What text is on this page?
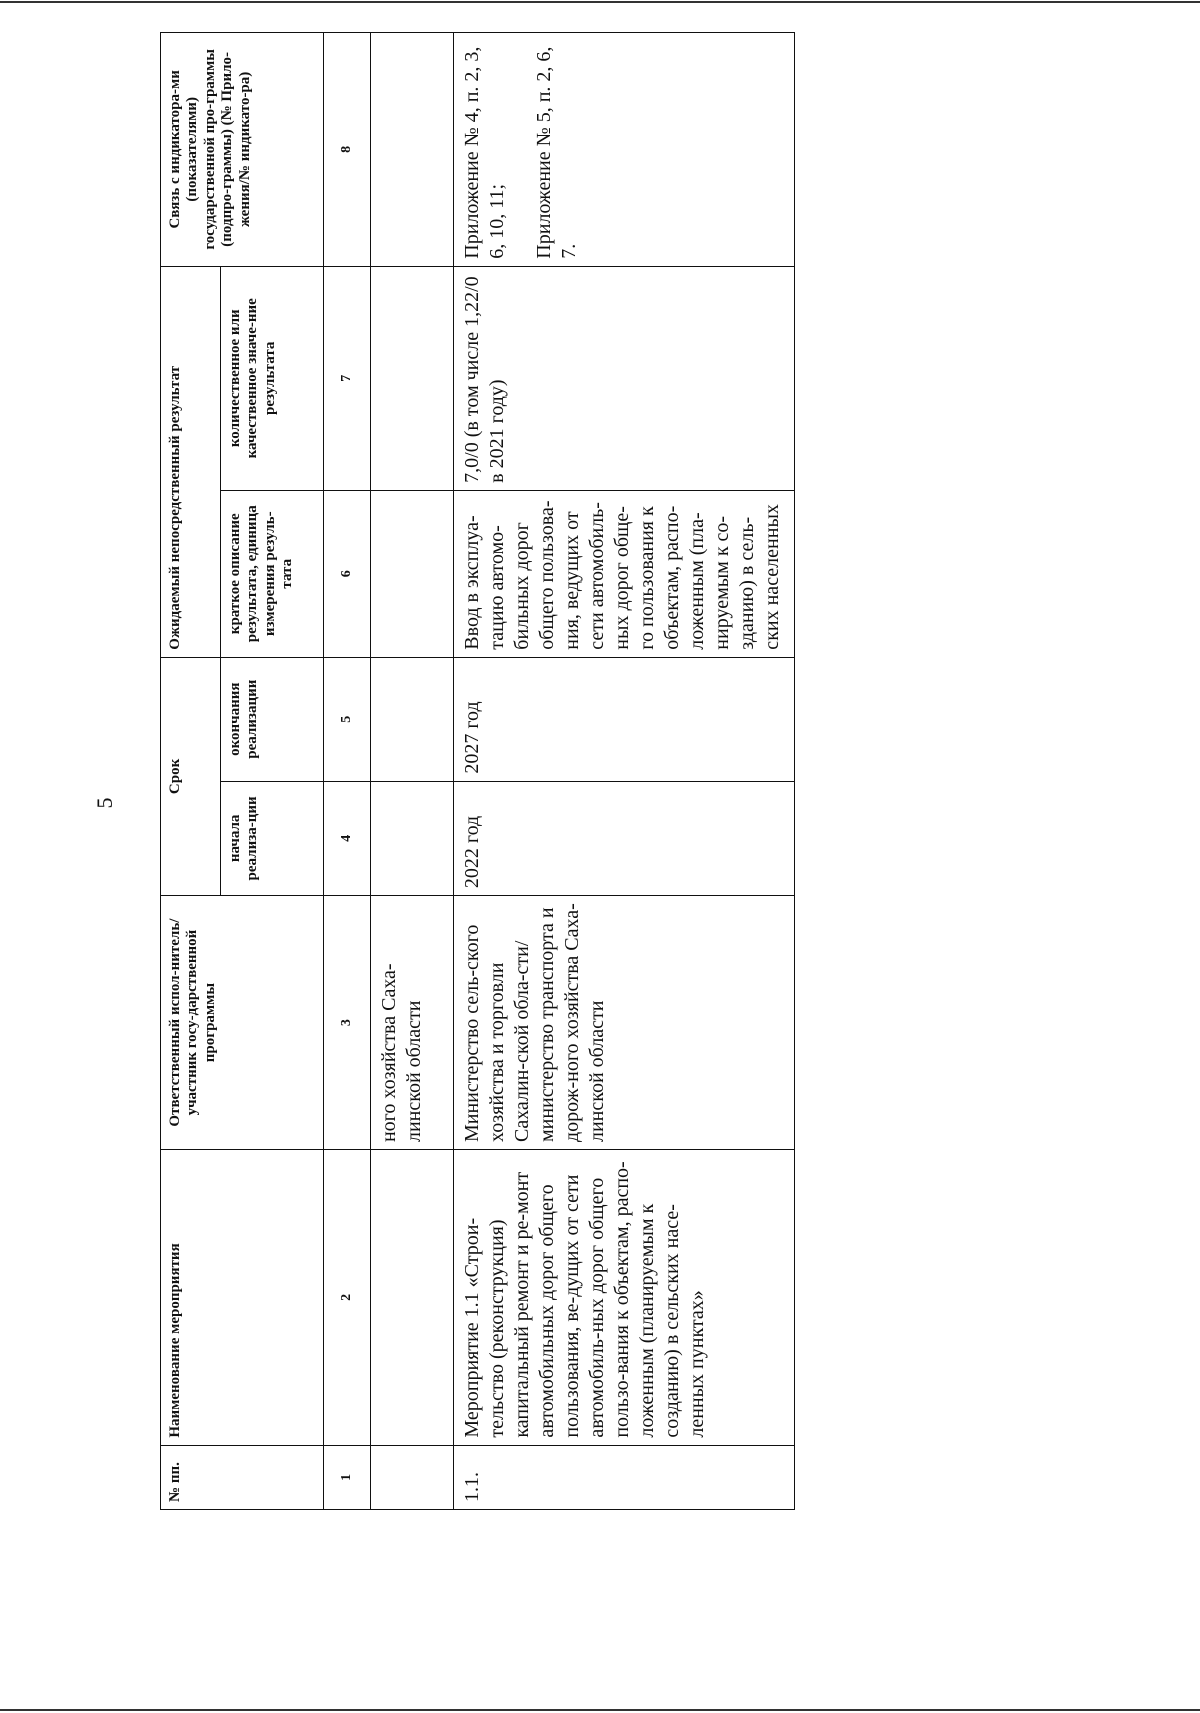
5
№ пп.	Наименование мероприятия	Ответственный испол-нитель/участник госу-дарственной программы	Срок		Ожидаемый непосредственный результат		Связь с индикатора-ми (показателями) государственной про-граммы (подпро-граммы) (№ Прило-жения/№ индикато-ра)
			начала реализа-ции	окончания реализации	краткое описание результата, единица измерения резуль-тата	количественное или качественное значе-ние результата	
1	2	3	4	5	6	7	8
		ного хозяйства Саха-линской области					
1.1.	Мероприятие 1.1 «Строи-тельство (реконструкция) капитальный ремонт и ре-монт автомобильных дорог общего пользования, ве-дущих от сети автомобиль-ных дорог общего пользо-вания к объектам, распо-ложенным (планируемым к созданию) в сельских насе-ленных пунктах»	Министерство сель-ского хозяйства и торговли Сахалин-ской обла-сти/министерство транспорта и дорож-ного хозяйства Саха-линской области	2022 год	2027 год	Ввод в эксплуа-тацию автомо-бильных дорог общего пользова-ния, ведущих от сети автомобиль-ных дорог обще-го пользования к объектам, распо-ложенным (пла-нируемым к со-зданию) в сель-ских населенных	7,0/0 (в том числе 1,22/0 в 2021 году)	Приложение № 4, п. 2, 3, 6, 10, 11; Приложение № 5, п. 2, 6, 7.
